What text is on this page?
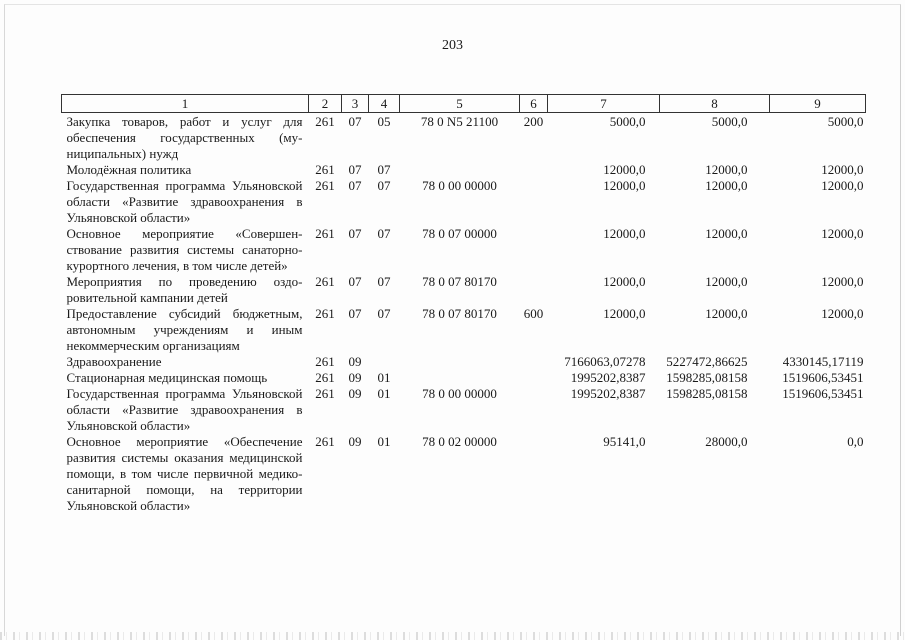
203
1	2	3	4	5	6	7	8	9
Закупка товаров, работ и услуг для обеспечения государственных (муниципальных) нужд	261	07	05	78 0 N5 21100	200	5000,0	5000,0	5000,0
Молодёжная политика	261	07	07			12000,0	12000,0	12000,0
Государственная программа Ульяновской области «Развитие здравоохранения в Ульяновской области»	261	07	07	78 0 00 00000		12000,0	12000,0	12000,0
Основное мероприятие «Совершенствование развития системы санаторно-курортного лечения, в том числе детей»	261	07	07	78 0 07 00000		12000,0	12000,0	12000,0
Мероприятия по проведению оздоровительной кампании детей	261	07	07	78 0 07 80170		12000,0	12000,0	12000,0
Предоставление субсидий бюджетным, автономным учреждениям и иным некоммерческим организациям	261	07	07	78 0 07 80170	600	12000,0	12000,0	12000,0
Здравоохранение	261	09				7166063,07278	5227472,86625	4330145,17119
Стационарная медицинская помощь	261	09	01			1995202,8387	1598285,08158	1519606,53451
Государственная программа Ульяновской области «Развитие здравоохранения в Ульяновской области»	261	09	01	78 0 00 00000		1995202,8387	1598285,08158	1519606,53451
Основное мероприятие «Обеспечение развития системы оказания медицинской помощи, в том числе первичной медико-санитарной помощи, на территории Ульяновской области»	261	09	01	78 0 02 00000		95141,0	28000,0	0,0
